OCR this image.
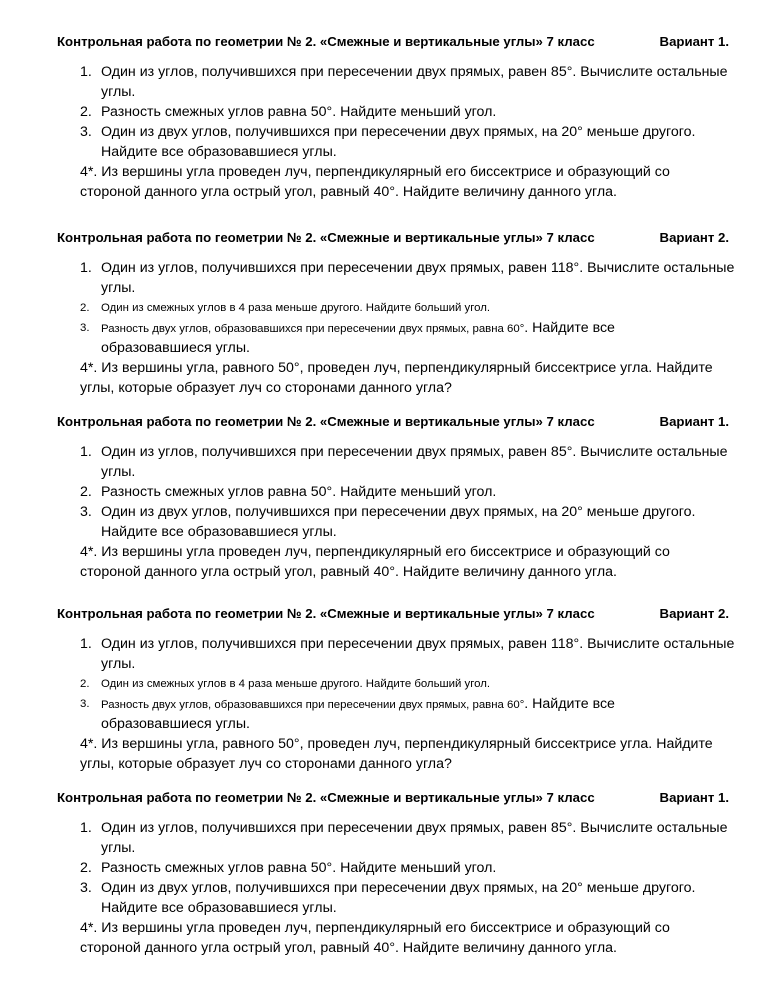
Контрольная работа по геометрии № 2. «Смежные и вертикальные углы» 7 класс	Вариант 1.
1. Один из углов, получившихся при пересечении двух прямых, равен 85°. Вычислите остальные
углы.
2. Разность смежных углов равна 50°. Найдите меньший угол.
3. Один из двух углов, получившихся при пересечении двух прямых, на 20° меньше другого.
Найдите все образовавшиеся углы.
4*. Из вершины угла проведен луч, перпендикулярный его биссектрисе и образующий со
стороной данного угла острый угол, равный 40°. Найдите величину данного угла.
Контрольная работа по геометрии № 2. «Смежные и вертикальные углы» 7 класс	Вариант 2.
1. Один из углов, получившихся при пересечении двух прямых, равен 118°. Вычислите остальные
углы.
2. Один из смежных углов в 4 раза меньше другого. Найдите больший угол.
3. Разность двух углов, образовавшихся при пересечении двух прямых, равна 60°. Найдите все
образовавшиеся углы.
4*. Из вершины угла, равного 50°, проведен луч, перпендикулярный биссектрисе угла. Найдите
углы, которые образует луч со сторонами данного угла?
Контрольная работа по геометрии № 2. «Смежные и вертикальные углы» 7 класс	Вариант 1.
1. Один из углов, получившихся при пересечении двух прямых, равен 85°. Вычислите остальные
углы.
2. Разность смежных углов равна 50°. Найдите меньший угол.
3. Один из двух углов, получившихся при пересечении двух прямых, на 20° меньше другого.
Найдите все образовавшиеся углы.
4*. Из вершины угла проведен луч, перпендикулярный его биссектрисе и образующий со
стороной данного угла острый угол, равный 40°. Найдите величину данного угла.
Контрольная работа по геометрии № 2. «Смежные и вертикальные углы» 7 класс	Вариант 2.
1. Один из углов, получившихся при пересечении двух прямых, равен 118°. Вычислите остальные
углы.
2. Один из смежных углов в 4 раза меньше другого. Найдите больший угол.
3. Разность двух углов, образовавшихся при пересечении двух прямых, равна 60°. Найдите все
образовавшиеся углы.
4*. Из вершины угла, равного 50°, проведен луч, перпендикулярный биссектрисе угла. Найдите
углы, которые образует луч со сторонами данного угла?
Контрольная работа по геометрии № 2. «Смежные и вертикальные углы» 7 класс	Вариант 1.
1. Один из углов, получившихся при пересечении двух прямых, равен 85°. Вычислите остальные
углы.
2. Разность смежных углов равна 50°. Найдите меньший угол.
3. Один из двух углов, получившихся при пересечении двух прямых, на 20° меньше другого.
Найдите все образовавшиеся углы.
4*. Из вершины угла проведен луч, перпендикулярный его биссектрисе и образующий со
стороной данного угла острый угол, равный 40°. Найдите величину данного угла.
